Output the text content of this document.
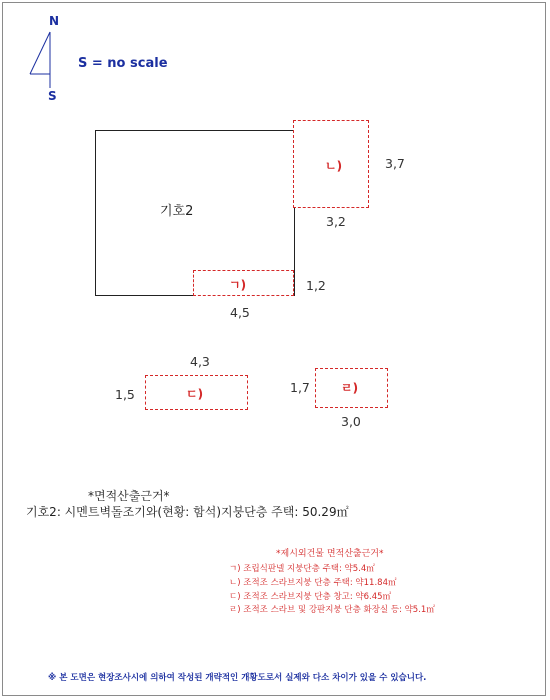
N
S
S = no scale
기호2
4,5
ㄱ)	1,2
ㄴ)	3,7
3,2
4,3
ㄷ)
1,5	ㄹ)
1,7
3,0
*면적산출근거*
기호2: 시멘트벽돌조기와(현황: 함석)지붕단층 주택: 50.29㎡
*제시외건물 면적산출근거*
ㄱ) 조립식판넬 지붕단층 주택: 약5.4㎡
ㄴ) 조적조 스라브지붕 단층 주택: 약11.84㎡
ㄷ) 조적조 스라브지붕 단층 창고: 약6.45㎡
ㄹ) 조적조 스라브 및 강판지붕 단층 화장실 등: 약5.1㎡
※ 본 도면은 현장조사시에 의하여 작성된 개략적인 개황도로서 실제와 다소 차이가 있을 수 있습니다.
